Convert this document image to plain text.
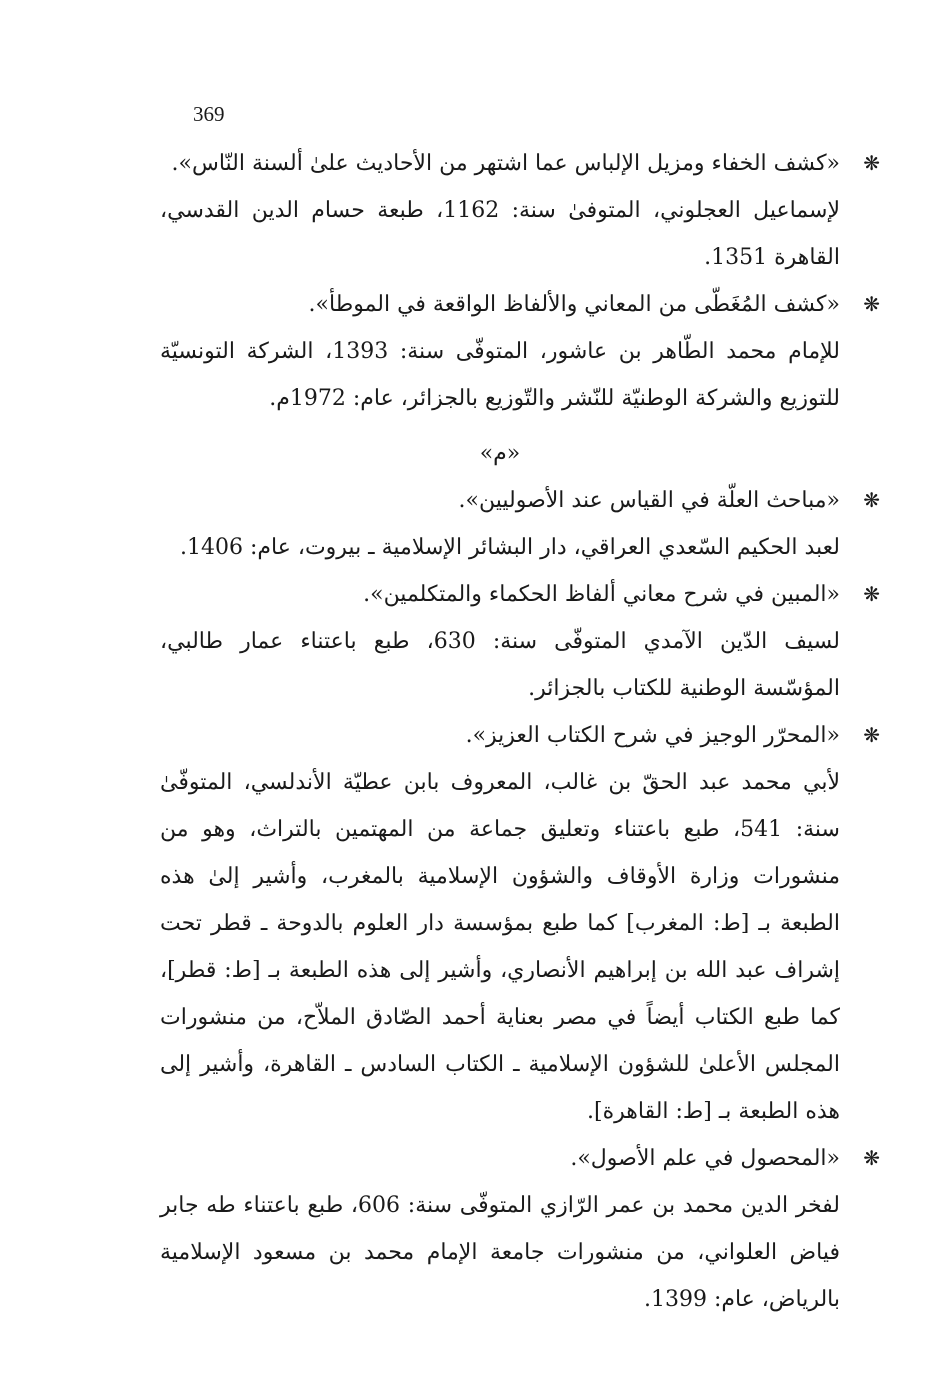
369
❋
«كشف الخفاء ومزيل الإلباس عما اشتهر من الأحاديث علىٰ ألسنة النّاس».
لإسماعيل العجلوني، المتوفىٰ سنة: 1162، طبعة حسام الدين القدسي، القاهرة 1351.
❋
«كشف المُغَطّى من المعاني والألفاظ الواقعة في الموطأ».
للإمام محمد الطّاهر بن عاشور، المتوفّى سنة: 1393، الشركة التونسيّة للتوزيع والشركة الوطنيّة للنّشر والتّوزيع بالجزائر، عام: 1972م.
«م»
❋
«مباحث العلّة في القياس عند الأصوليين».
لعبد الحكيم السّعدي العراقي، دار البشائر الإسلامية ـ بيروت، عام: 1406.
❋
«المبين في شرح معاني ألفاظ الحكماء والمتكلمين».
لسيف الدّين الآمدي المتوفّى سنة: 630، طبع باعتناء عمار طالبي، المؤسّسة الوطنية للكتاب بالجزائر.
❋
«المحرّر الوجيز في شرح الكتاب العزيز».
لأبي محمد عبد الحقّ بن غالب، المعروف بابن عطيّة الأندلسي، المتوفّىٰ سنة: 541، طبع باعتناء وتعليق جماعة من المهتمين بالتراث، وهو من منشورات وزارة الأوقاف والشؤون الإسلامية بالمغرب، وأشير إلىٰ هذه الطبعة بـ [ط: المغرب] كما طبع بمؤسسة دار العلوم بالدوحة ـ قطر تحت إشراف عبد الله بن إبراهيم الأنصاري، وأشير إلى هذه الطبعة بـ [ط: قطر]، كما طبع الكتاب أيضاً في مصر بعناية أحمد الصّادق الملاّح، من منشورات المجلس الأعلىٰ للشؤون الإسلامية ـ الكتاب السادس ـ القاهرة، وأشير إلى هذه الطبعة بـ [ط: القاهرة].
❋
«المحصول في علم الأصول».
لفخر الدين محمد بن عمر الرّازي المتوفّى سنة: 606، طبع باعتناء طه جابر فياض العلواني، من منشورات جامعة الإمام محمد بن مسعود الإسلامية بالرياض، عام: 1399.
